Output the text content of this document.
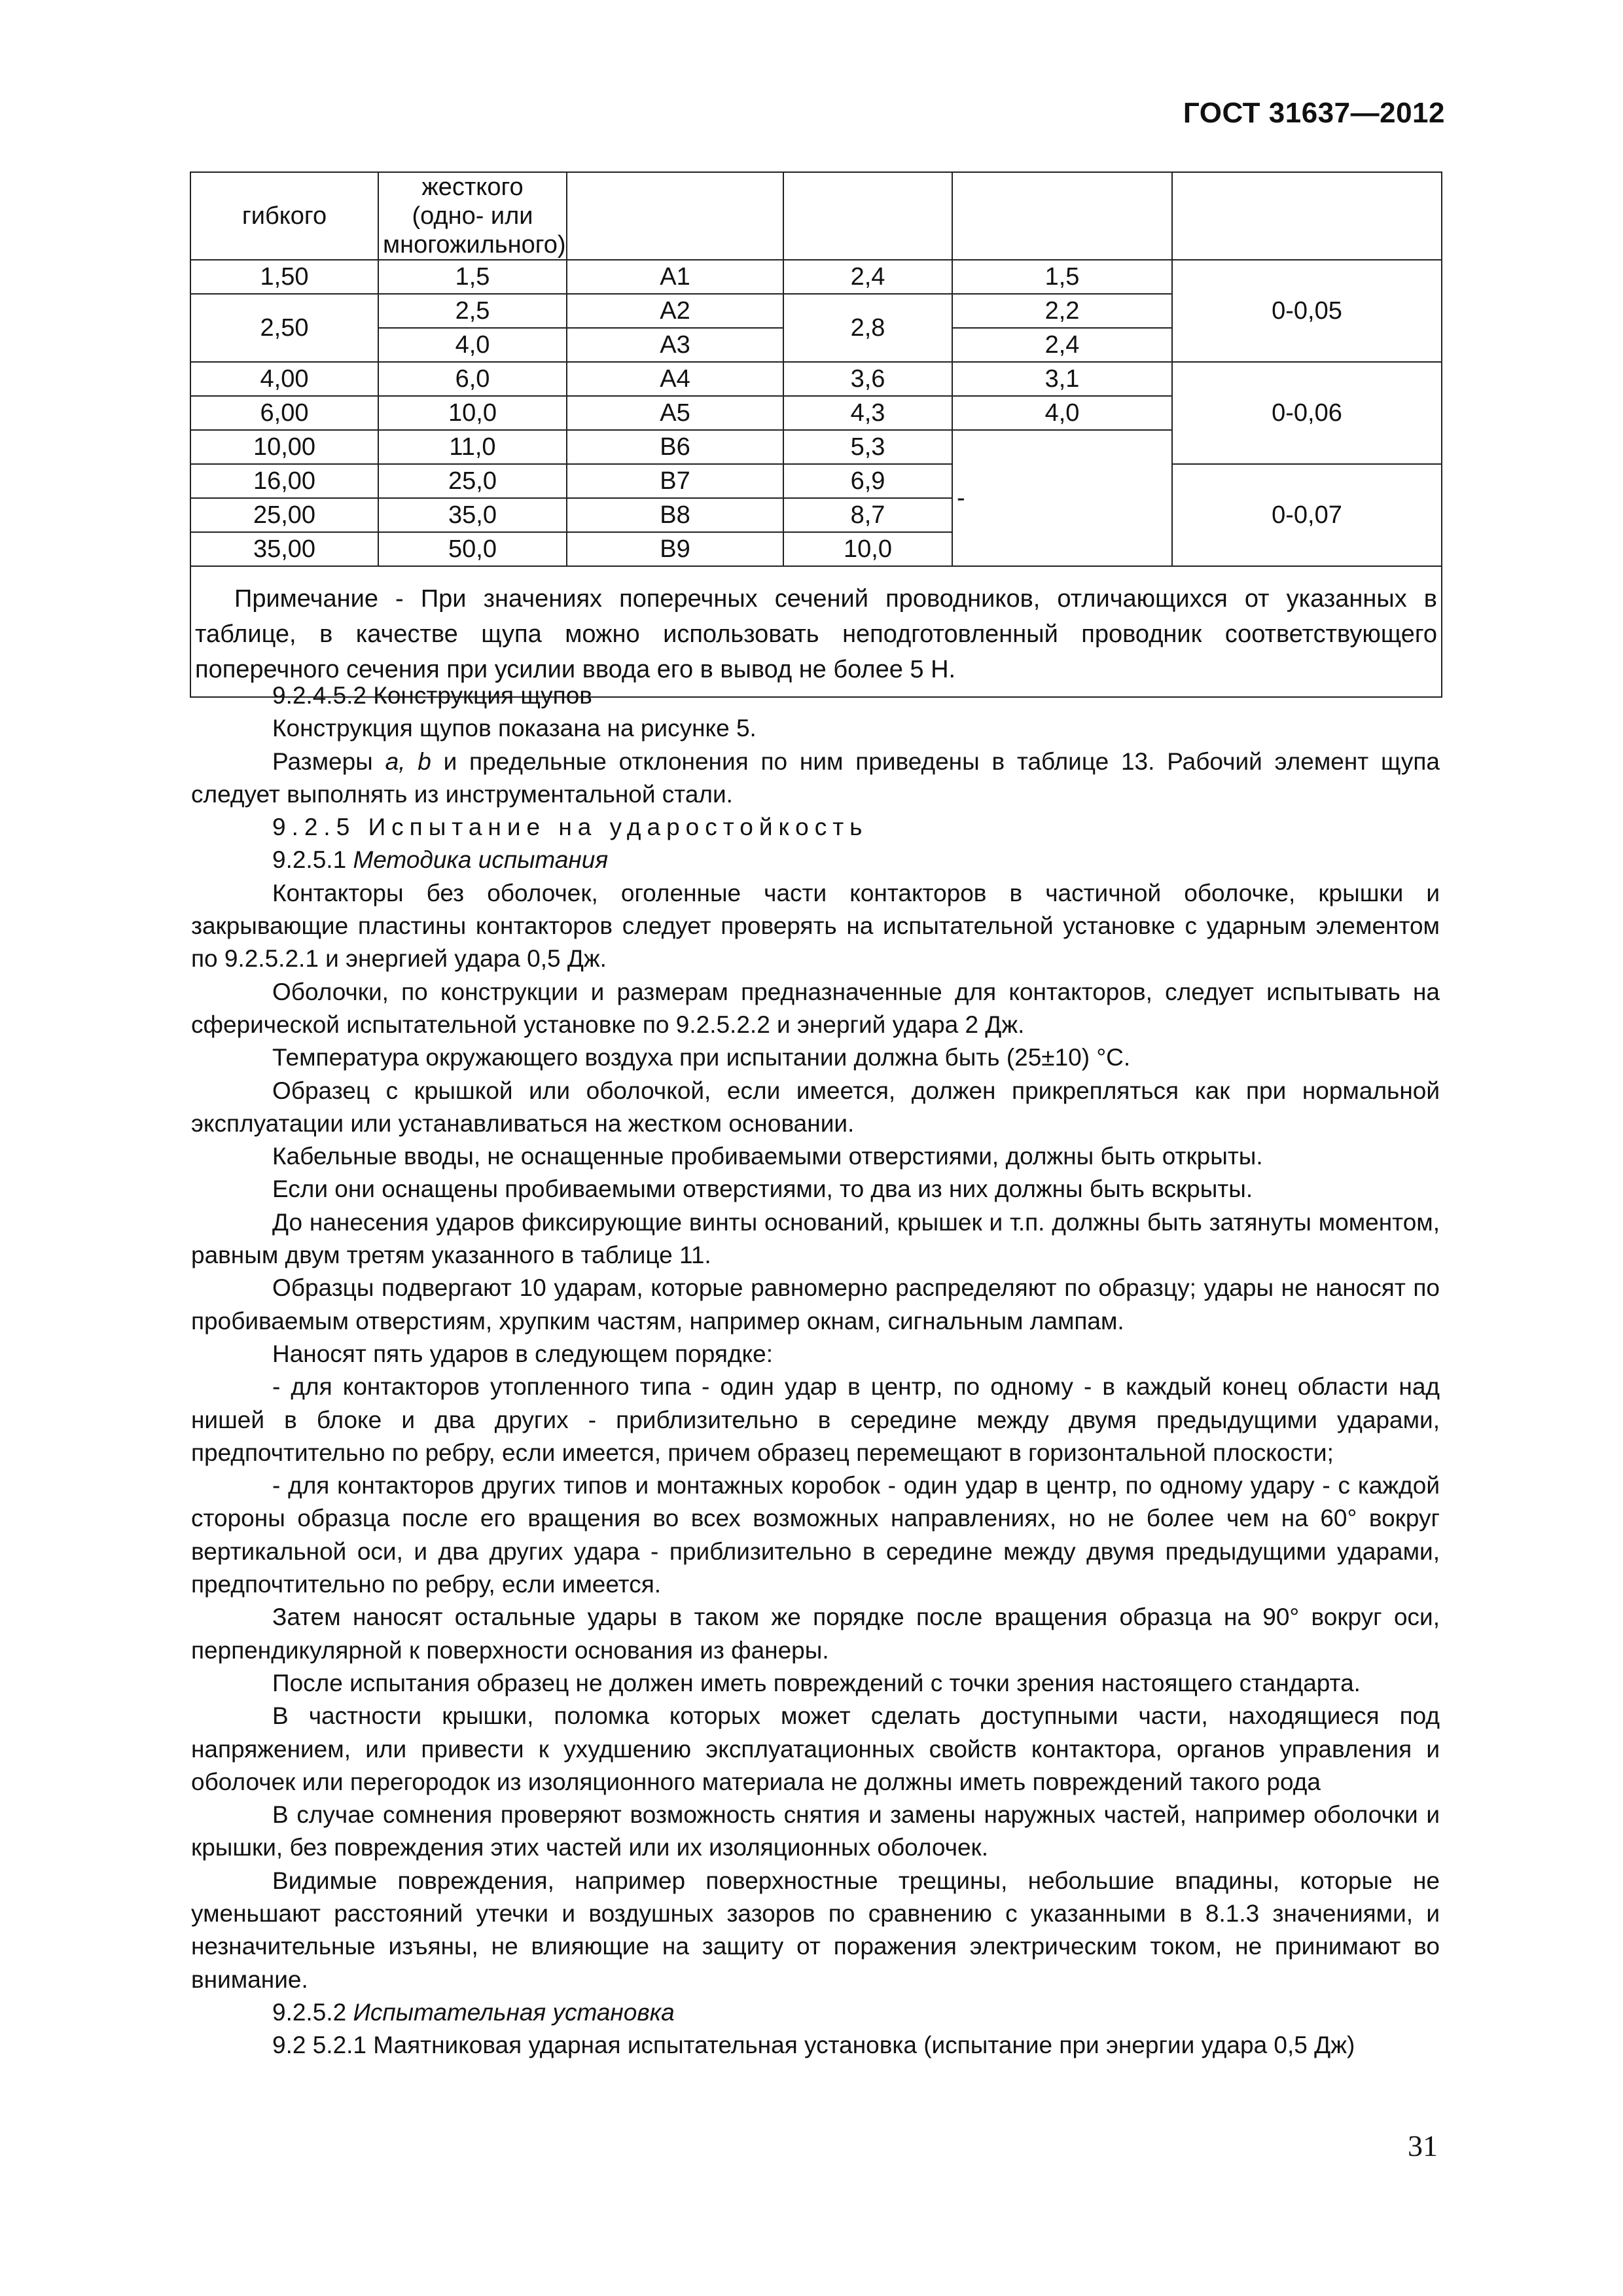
ГОСТ 31637—2012
гибкого	жесткого (одно- или многожильного)				
1,50	1,5	А1	2,4	1,5	0-0,05
2,50	2,5	А2	2,8	2,2	
	4,0	А3		2,4	
4,00	6,0	А4	3,6	3,1	0-0,06
6,00	10,0	А5	4,3	4,0	
10,00	11,0	В6	5,3	-	
16,00	25,0	В7	6,9		0-0,07
25,00	35,0	В8	8,7		
35,00	50,0	В9	10,0		
Примечание - При значениях поперечных сечений проводников, отличающихся от указанных в таблице, в качестве щупа можно использовать неподготовленный проводник соответствующего поперечного сечения при усилии ввода его в вывод не более 5 Н.					

9.2.4.5.2 Конструкция щупов

Конструкция щупов показана на рисунке 5.

Размеры a, b и предельные отклонения по ним приведены в таблице 13. Рабочий элемент щупа следует выполнять из инструментальной стали.

9.2.5 Испытание на ударостойкость

9.2.5.1 Методика испытания

Контакторы без оболочек, оголенные части контакторов в частичной оболочке, крышки и закрывающие пластины контакторов следует проверять на испытательной установке с ударным элементом по 9.2.5.2.1 и энергией удара 0,5 Дж.

Оболочки, по конструкции и размерам предназначенные для контакторов, следует испытывать на сферической испытательной установке по 9.2.5.2.2 и энергий удара 2 Дж.

Температура окружающего воздуха при испытании должна быть (25±10) °С.

Образец с крышкой или оболочкой, если имеется, должен прикрепляться как при нормальной эксплуатации или устанавливаться на жестком основании.

Кабельные вводы, не оснащенные пробиваемыми отверстиями, должны быть открыты.

Если они оснащены пробиваемыми отверстиями, то два из них должны быть вскрыты.

До нанесения ударов фиксирующие винты оснований, крышек и т.п. должны быть затянуты моментом, равным двум третям указанного в таблице 11.

Образцы подвергают 10 ударам, которые равномерно распределяют по образцу; удары не наносят по пробиваемым отверстиям, хрупким частям, например окнам, сигнальным лампам.

Наносят пять ударов в следующем порядке:

- для контакторов утопленного типа - один удар в центр, по одному - в каждый конец области над нишей в блоке и два других - приблизительно в середине между двумя предыдущими ударами, предпочтительно по ребру, если имеется, причем образец перемещают в горизонтальной плоскости;

- для контакторов других типов и монтажных коробок - один удар в центр, по одному удару - с каждой стороны образца после его вращения во всех возможных направлениях, но не более чем на 60° вокруг вертикальной оси, и два других удара - приблизительно в середине между двумя предыдущими ударами, предпочтительно по ребру, если имеется.

Затем наносят остальные удары в таком же порядке после вращения образца на 90° вокруг оси, перпендикулярной к поверхности основания из фанеры.

После испытания образец не должен иметь повреждений с точки зрения настоящего стандарта.

В частности крышки, поломка которых может сделать доступными части, находящиеся под напряжением, или привести к ухудшению эксплуатационных свойств контактора, органов управления и оболочек или перегородок из изоляционного материала не должны иметь повреждений такого рода

В случае сомнения проверяют возможность снятия и замены наружных частей, например оболочки и крышки, без повреждения этих частей или их изоляционных оболочек.

Видимые повреждения, например поверхностные трещины, небольшие впадины, которые не уменьшают расстояний утечки и воздушных зазоров по сравнению с указанными в 8.1.3 значениями, и незначительные изъяны, не влияющие на защиту от поражения электрическим током, не принимают во внимание.

9.2.5.2 Испытательная установка

9.2 5.2.1 Маятниковая ударная испытательная установка (испытание при энергии удара 0,5 Дж)

31
